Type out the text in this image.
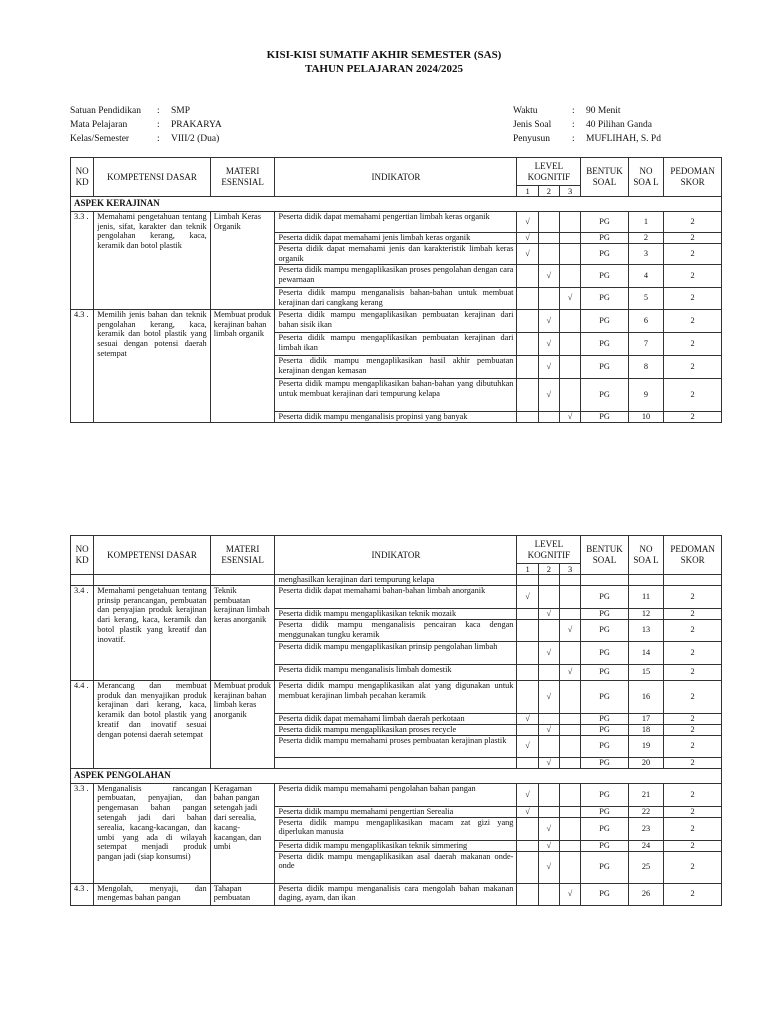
KISI-KISI SUMATIF AKHIR SEMESTER (SAS)
TAHUN PELAJARAN 2024/2025
Satuan Pendidikan	:	SMP
Mata Pelajaran	:	PRAKARYA
Kelas/Semester	:	VIII/2 (Dua)
Waktu	:	90 Menit
Jenis Soal	:	40 Pilihan Ganda
Penyusun	:	MUFLIHAH, S. Pd
NO KD	KOMPETENSI DASAR	MATERI ESENSIAL	INDIKATOR	LEVEL KOGNITIF			BENTUK SOAL	NO SOA L	PEDOMAN SKOR
				1	2	3			
ASPEK KERAJINAN									
3.3 .	Memahami pengetahuan tentang jenis, sifat, karakter dan teknik pengolahan kerang, kaca, keramik dan botol plastik	Limbah Keras Organik	Peserta didik dapat memahami pengertian limbah keras organik	√			PG	1	2
			Peserta didik dapat memahami jenis limbah keras organik	√			PG	2	2
			Peserta didik dapat memahami jenis dan karakteristik limbah keras organik	√			PG	3	2
			Peserta didik mampu mengaplikasikan proses pengolahan dengan cara pewarnaan		√		PG	4	2
			Peserta didik mampu menganalisis bahan-bahan untuk membuat kerajinan dari cangkang kerang			√	PG	5	2
4.3 .	Memilih jenis bahan dan teknik pengolahan kerang, kaca, keramik dan botol plastik yang sesuai dengan potensi daerah setempat	Membuat produk kerajinan bahan limbah organik	Peserta didik mampu mengaplikasikan pembuatan kerajinan dari bahan sisik ikan		√		PG	6	2
			Peserta didik mampu mengaplikasikan pembuatan kerajinan dari limbah ikan		√		PG	7	2
			Peserta didik mampu mengaplikasikan hasil akhir pembuatan kerajinan dengan kemasan		√		PG	8	2
			Peserta didik mampu mengaplikasikan bahan-bahan yang dibutuhkan untuk membuat kerajinan dari tempurung kelapa		√		PG	9	2
			Peserta didik mampu menganalisis propinsi yang banyak			√	PG	10	2
NO KD	KOMPETENSI DASAR	MATERI ESENSIAL	INDIKATOR	LEVEL KOGNITIF			BENTUK SOAL	NO SOA L	PEDOMAN SKOR
				1	2	3			
			menghasilkan kerajinan dari tempurung kelapa						
3.4 .	Memahami pengetahuan tentang prinsip perancangan, pembuatan dan penyajian produk kerajinan dari kerang, kaca, keramik dan botol plastik yang kreatif dan inovatif.	Teknik pembuatan kerajinan limbah keras anorganik	Peserta didik dapat memahami bahan-bahan limbah anorganik	√			PG	11	2
			Peserta didik mampu mengaplikasikan teknik mozaik		√		PG	12	2
			Peserta didik mampu menganalisis pencairan kaca dengan menggunakan tungku keramik			√	PG	13	2
			Peserta didik mampu mengaplikasikan prinsip pengolahan limbah		√		PG	14	2
			Peserta didik mampu menganalisis limbah domestik			√	PG	15	2
4.4 .	Merancang dan membuat produk dan menyajikan produk kerajinan dari kerang, kaca, keramik dan botol plastik yang kreatif dan inovatif sesuai dengan potensi daerah setempat	Membuat produk kerajinan bahan limbah keras anorganik	Peserta didik mampu mengaplikasikan alat yang digunakan untuk membuat kerajinan limbah pecahan keramik		√		PG	16	2
			Peserta didik dapat memahami limbah daerah perkotaan	√			PG	17	2
			Peserta didik mampu mengaplikasikan proses recycle		√		PG	18	2
			Peserta didik mampu memahami proses pembuatan kerajinan plastik	√			PG	19	2
					√		PG	20	2
ASPEK PENGOLAHAN									
3.3 .	Menganalisis rancangan pembuatan, penyajian, dan pengemasan bahan pangan setengah jadi dari bahan serealia, kacang-kacangan, dan umbi yang ada di wilayah setempat menjadi produk pangan jadi (siap konsumsi)	Keragaman bahan pangan setengah jadi dari serealia, kacang-kacangan, dan umbi	Peserta didik mampu memahami pengolahan bahan pangan	√			PG	21	2
			Peserta didik mampu memahami pengertian Serealia	√			PG	22	2
			Peserta didik mampu mengaplikasikan macam zat gizi yang diperlukan manusia		√		PG	23	2
			Peserta didik mampu mengaplikasikan teknik simmering		√		PG	24	2
			Peserta didik mampu mengaplikasikan asal daerah makanan onde-onde		√		PG	25	2
4.3 .	Mengolah, menyaji, dan mengemas bahan pangan	Tahapan pembuatan	Peserta didik mampu menganalisis cara mengolah bahan makanan daging, ayam, dan ikan			√	PG	26	2
